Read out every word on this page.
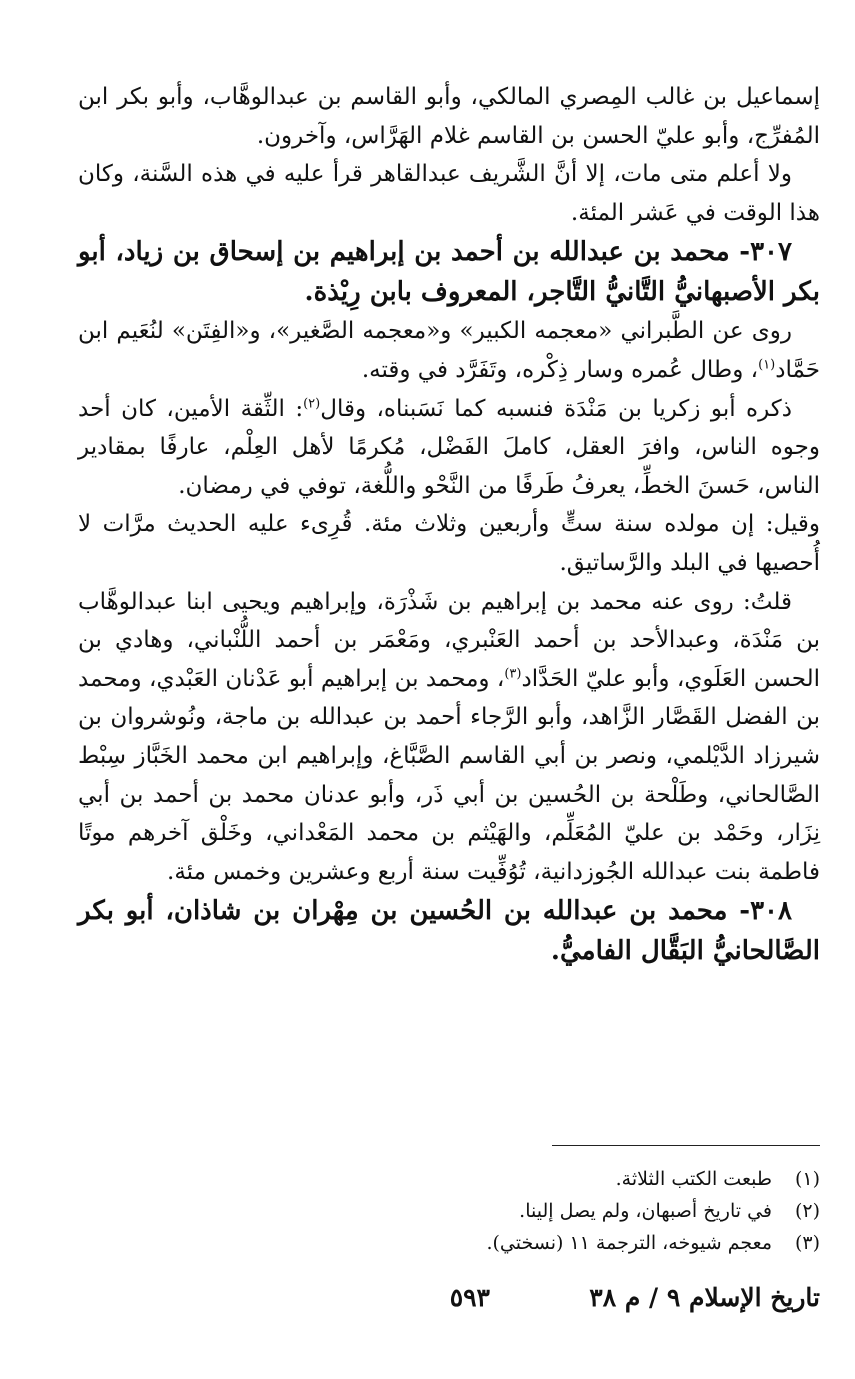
إسماعيل بن غالب المِصري المالكي، وأبو القاسم بن عبدالوهَّاب، وأبو بكر ابن المُفرِّج، وأبو عليّ الحسن بن القاسم غلام الهَرَّاس، وآخرون.

ولا أعلم متى مات، إلا أنَّ الشَّريف عبدالقاهر قرأ عليه في هذه السَّنة، وكان هذا الوقت في عَشر المئة.

٣٠٧- محمد بن عبدالله بن أحمد بن إبراهيم بن إسحاق بن زياد، أبو بكر الأصبهانيُّ التَّانيُّ التَّاجر، المعروف بابن رِيْذة.

روى عن الطَّبراني «معجمه الكبير» و«معجمه الصَّغير»، و«الفِتَن» لنُعَيم ابن حَمَّاد$^{(١)}$، وطال عُمره وسار ذِكْره، وتَفَرَّد في وقته.

ذكره أبو زكريا بن مَنْدَة فنسبه كما نَسَبناه، وقال$^{(٢)}$: الثِّقة الأمين، كان أحد وجوه الناس، وافرَ العقل، كاملَ الفَضْل، مُكرمًا لأهل العِلْم، عارفًا بمقادير الناس، حَسنَ الخطِّ، يعرفُ طَرفًا من النَّحْو واللُّغة، توفي في رمضان.

وقيل: إن مولده سنة ستٍّ وأربعين وثلاث مئة. قُرِىء عليه الحديث مرَّات لا أُحصيها في البلد والرَّساتيق.

قلتُ: روى عنه محمد بن إبراهيم بن شَذْرَة، وإبراهيم ويحيى ابنا عبدالوهَّاب بن مَنْدَة، وعبدالأحد بن أحمد العَنْبري، ومَعْمَر بن أحمد اللُّنْباني، وهادي بن الحسن العَلَوي، وأبو عليّ الحَدَّاد$^{(٣)}$، ومحمد بن إبراهيم أبو عَدْنان العَبْدي، ومحمد بن الفضل القَصَّار الزَّاهد، وأبو الرَّجاء أحمد بن عبدالله بن ماجة، ونُوشروان بن شيرزاد الدَّيْلمي، ونصر بن أبي القاسم الصَّبَّاغ، وإبراهيم ابن محمد الخَبَّاز سِبْط الصَّالحاني، وطَلْحة بن الحُسين بن أبي ذَر، وأبو عدنان محمد بن أحمد بن أبي نِزَار، وحَمْد بن عليّ المُعَلِّم، والهَيْثم بن محمد المَعْداني، وخَلْق آخرهم موتًا فاطمة بنت عبدالله الجُوزدانية، تُوُفِّيت سنة أربع وعشرين وخمس مئة.

٣٠٨- محمد بن عبدالله بن الحُسين بن مِهْران بن شاذان، أبو بكر الصَّالحانيُّ البَقَّال الفاميُّ.

(١)طبعت الكتب الثلاثة.

(٢)في تاريخ أصبهان، ولم يصل إلينا.

(٣)معجم شيوخه، الترجمة ١١ (نسختي).

تاريخ الإسلام ٩ / م ٣٨
٥٩٣
